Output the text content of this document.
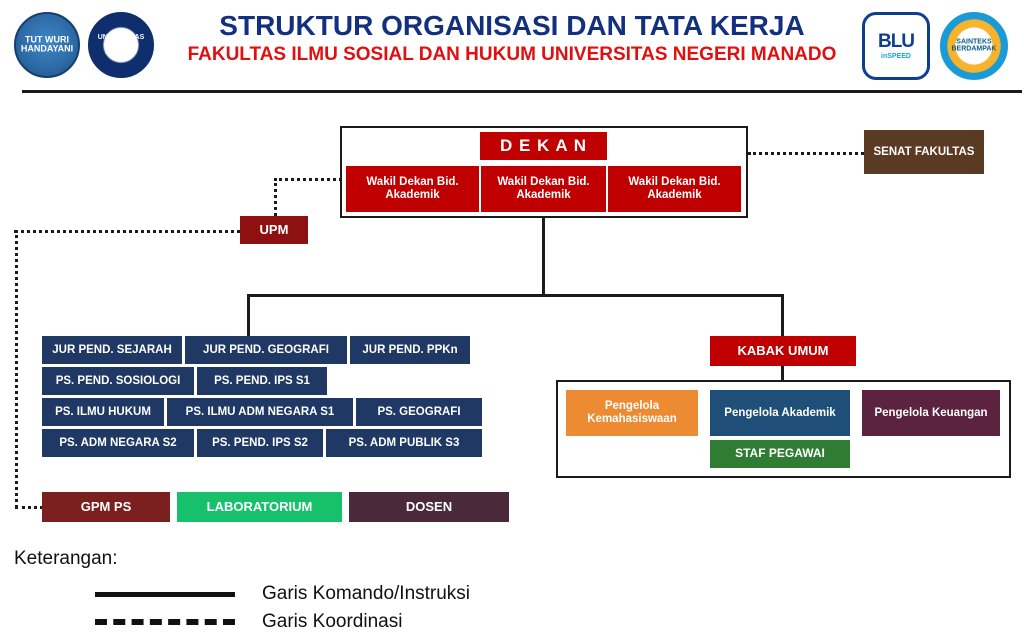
TUT WURI HANDAYANI
UNIVERSITAS NEGERI MANADO
STRUKTUR ORGANISASI DAN TATA KERJA
FAKULTAS ILMU SOSIAL DAN HUKUM UNIVERSITAS NEGERI MANADO
BLU
inSPEED
SAINTEKS BERDAMPAK
D E K A N
Wakil Dekan Bid. Akademik
Wakil Dekan Bid. Akademik
Wakil Dekan Bid. Akademik
SENAT FAKULTAS
UPM
JUR PEND. SEJARAH	JUR PEND. GEOGRAFI	JUR PEND. PPKn
PS. PEND. SOSIOLOGI	PS. PEND. IPS S1
PS. ILMU HUKUM	PS. ILMU ADM NEGARA S1	PS. GEOGRAFI
PS. ADM NEGARA S2	PS. PEND. IPS S2	PS. ADM PUBLIK S3
GPM PS	LABORATORIUM	DOSEN
KABAK UMUM
Pengelola Kemahasiswaan
Pengelola Akademik	Pengelola Keuangan
STAF PEGAWAI
Keterangan:
Garis Komando/Instruksi
Garis Koordinasi
